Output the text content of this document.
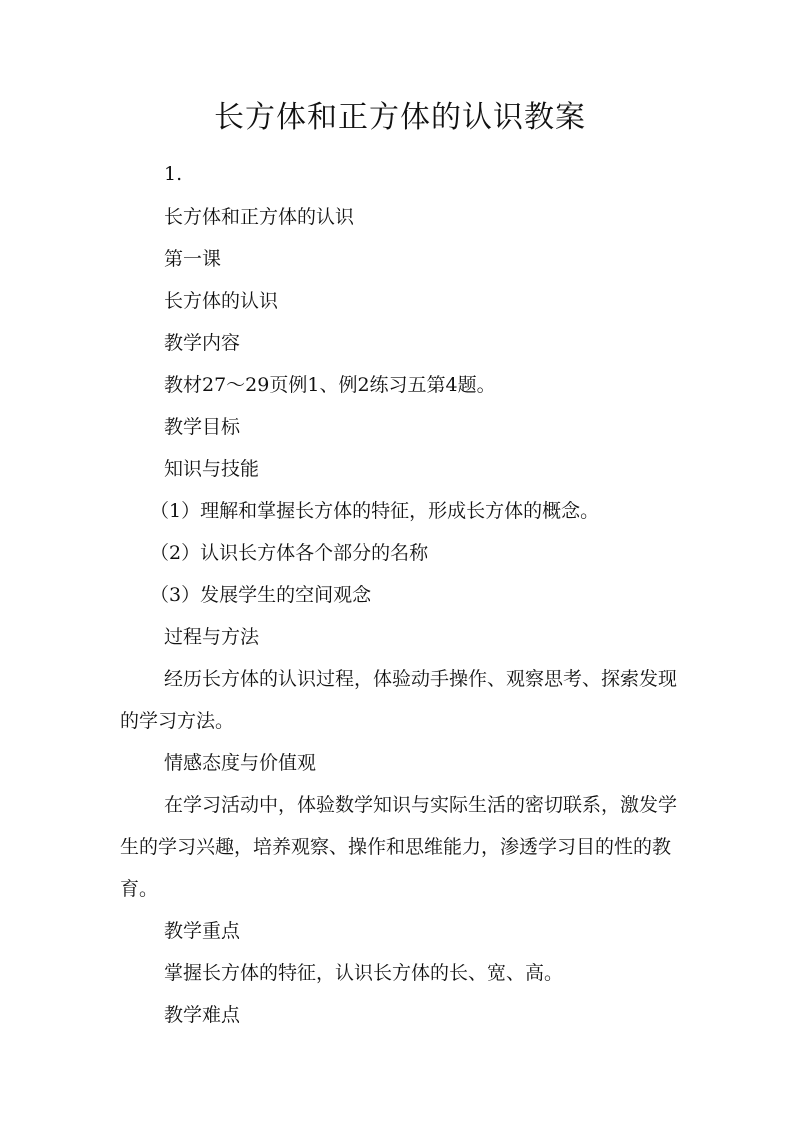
长方体和正方体的认识教案

1.

长方体和正方体的认识

第一课

长方体的认识

教学内容

教材27～29页例1、例2练习五第4题。

教学目标

知识与技能

（1）理解和掌握长方体的特征，形成长方体的概念。

（2）认识长方体各个部分的名称

（3）发展学生的空间观念

过程与方法

经历长方体的认识过程，体验动手操作、观察思考、探索发现的学习方法。

情感态度与价值观

在学习活动中，体验数学知识与实际生活的密切联系，激发学生的学习兴趣，培养观察、操作和思维能力，渗透学习目的性的教育。

教学重点

掌握长方体的特征，认识长方体的长、宽、高。

教学难点
